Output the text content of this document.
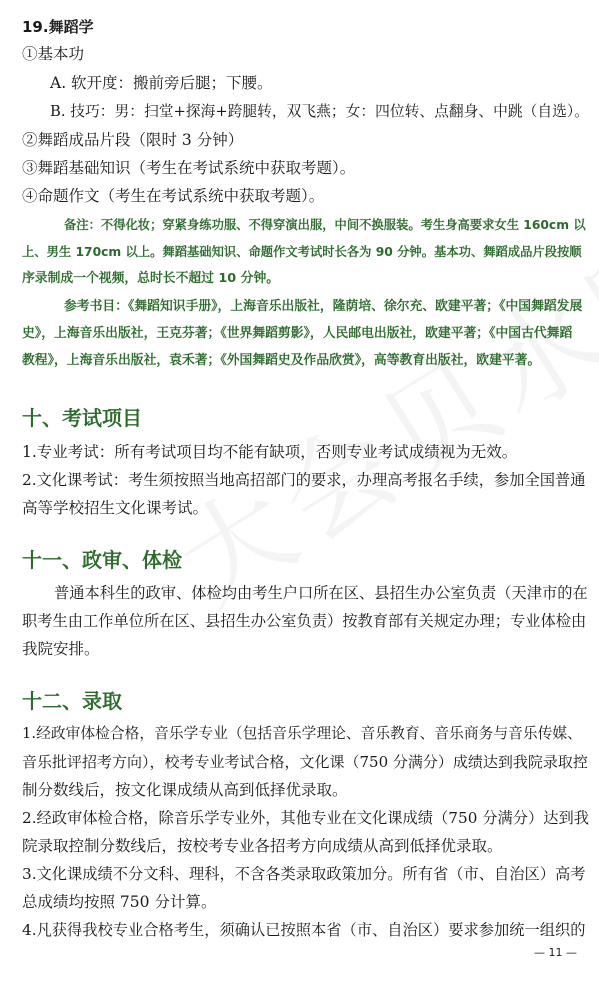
19.舞蹈学
①基本功
A. 软开度：搬前旁后腿；下腰。
B. 技巧：男：扫堂+探海+跨腿转，双飞燕；女：四位转、点翻身、中跳（自选）。
②舞蹈成品片段（限时 3 分钟）
③舞蹈基础知识（考生在考试系统中获取考题）。
④命题作文（考生在考试系统中获取考题）。
备注：不得化妆；穿紧身练功服、不得穿演出服，中间不换服装。考生身高要求女生 160cm 以
上、男生 170cm 以上。舞蹈基础知识、命题作文考试时长各为 90 分钟。基本功、舞蹈成品片段按顺
序录制成一个视频，总时长不超过 10 分钟。
参考书目：《舞蹈知识手册》，上海音乐出版社，隆荫培、徐尔充、欧建平著；《中国舞蹈发展
史》，上海音乐出版社，王克芬著；《世界舞蹈剪影》，人民邮电出版社，欧建平著；《中国古代舞蹈
教程》，上海音乐出版社，袁禾著；《外国舞蹈史及作品欣赏》，高等教育出版社，欧建平著。
十、考试项目
1.专业考试：所有考试项目均不能有缺项，否则专业考试成绩视为无效。
2.文化课考试：考生须按照当地高招部门的要求，办理高考报名手续，参加全国普通
高等学校招生文化课考试。
十一、政审、体检
普通本科生的政审、体检均由考生户口所在区、县招生办公室负责（天津市的在
职考生由工作单位所在区、县招生办公室负责）按教育部有关规定办理；专业体检由
我院安排。
十二、录取
1.经政审体检合格，音乐学专业（包括音乐学理论、音乐教育、音乐商务与音乐传媒、
音乐批评招考方向），校考专业考试合格，文化课（750 分满分）成绩达到我院录取控
制分数线后，按文化课成绩从高到低择优录取。
2.经政审体检合格，除音乐学专业外，其他专业在文化课成绩（750 分满分）达到我
院录取控制分数线后，按校考专业各招考方向成绩从高到低择优录取。
3.文化课成绩不分文科、理科，不含各类录取政策加分。所有省（市、自治区）高考
总成绩均按照 750 分计算。
4.凡获得我校专业合格考生，须确认已按照本省（市、自治区）要求参加统一组织的
— 11 —
